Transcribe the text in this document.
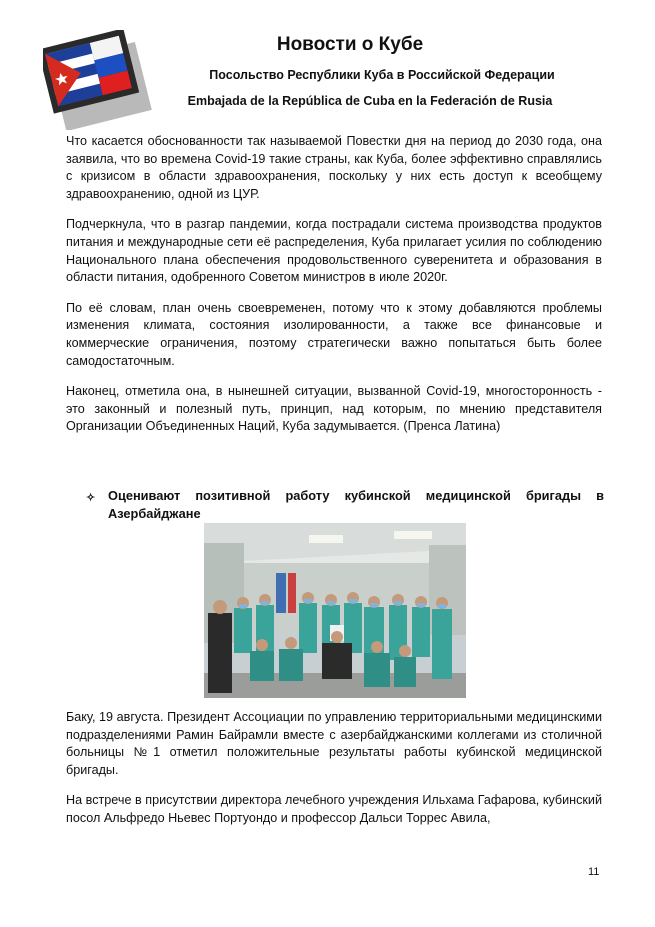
Новости о Кубе
Посольство Республики Куба в Российской Федерации
Embajada de la República de Cuba en la Federación de Rusia

Что касается обоснованности так называемой Повестки дня на период до 2030 года, она заявила, что во времена Covid-19 такие страны, как Куба, более эффективно справлялись с кризисом в области здравоохранения, поскольку у них есть доступ к всеобщему здравоохранению, одной из ЦУР.

Подчеркнула, что в разгар пандемии, когда пострадали система производства продуктов питания и международные сети её распределения, Куба прилагает усилия по соблюдению Национального плана обеспечения продовольственного суверенитета и образования в области питания, одобренного Советом министров в июле 2020г.

По её словам, план очень своевременен, потому что к этому добавляются проблемы изменения климата, состояния изолированности, а также все финансовые и коммерческие ограничения, поэтому стратегически важно попытаться быть более самодостаточным.

Наконец, отметила она, в нынешней ситуации, вызванной Covid-19, многосторонность - это законный и полезный путь, принцип, над которым, по мнению представителя Организации Объединенных Наций, Куба задумывается. (Пренса Латина)

✧ Оценивают позитивной работу кубинской медицинской бригады в Азербайджане

Баку, 19 августа. Президент Ассоциации по управлению территориальными медицинскими подразделениями Рамин Байрамли вместе с азербайджанскими коллегами из столичной больницы №1 отметил положительные результаты работы кубинской медицинской бригады.

На встрече в присутствии директора лечебного учреждения Ильхама Гафарова, кубинский посол Альфредо Ньевес Портуондо и профессор Дальси Торрес Авила,

11
